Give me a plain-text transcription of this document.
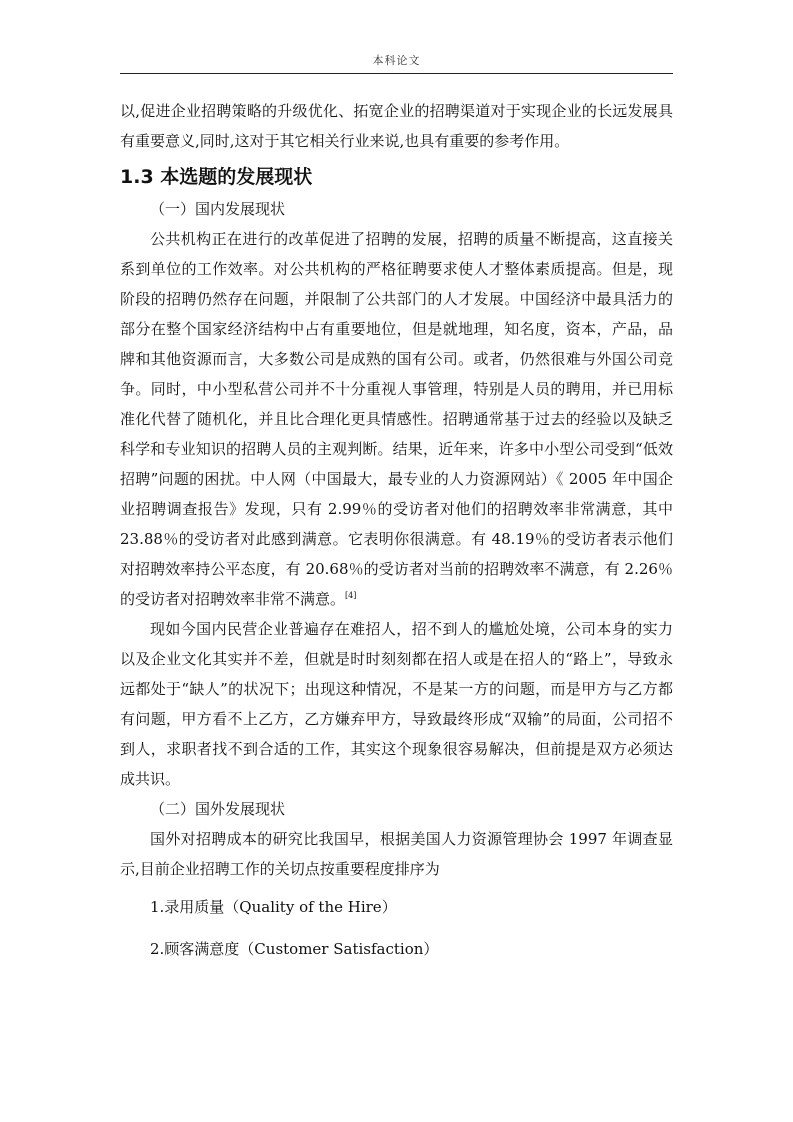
本科论文

以,促进企业招聘策略的升级优化、拓宽企业的招聘渠道对于实现企业的长远发展具有重要意义,同时,这对于其它相关行业来说,也具有重要的参考作用。

1.3 本选题的发展现状

（一）国内发展现状

公共机构正在进行的改革促进了招聘的发展，招聘的质量不断提高，这直接关系到单位的工作效率。对公共机构的严格征聘要求使人才整体素质提高。但是，现阶段的招聘仍然存在问题，并限制了公共部门的人才发展。中国经济中最具活力的部分在整个国家经济结构中占有重要地位，但是就地理，知名度，资本，产品，品牌和其他资源而言，大多数公司是成熟的国有公司。或者，仍然很难与外国公司竞争。同时，中小型私营公司并不十分重视人事管理，特别是人员的聘用，并已用标准化代替了随机化，并且比合理化更具情感性。招聘通常基于过去的经验以及缺乏科学和专业知识的招聘人员的主观判断。结果，近年来，许多中小型公司受到“低效招聘”问题的困扰。中人网（中国最大，最专业的人力资源网站）《 2005 年中国企业招聘调查报告》发现，只有 2.99％的受访者对他们的招聘效率非常满意，其中 23.88％的受访者对此感到满意。它表明你很满意。有 48.19％的受访者表示他们对招聘效率持公平态度，有 20.68％的受访者对当前的招聘效率不满意，有 2.26％的受访者对招聘效率非常不满意。[4]

现如今国内民营企业普遍存在难招人，招不到人的尴尬处境，公司本身的实力以及企业文化其实并不差，但就是时时刻刻都在招人或是在招人的“路上”，导致永远都处于“缺人”的状况下；出现这种情况，不是某一方的问题，而是甲方与乙方都有问题，甲方看不上乙方，乙方嫌弃甲方，导致最终形成“双输”的局面，公司招不到人，求职者找不到合适的工作，其实这个现象很容易解决，但前提是双方必须达成共识。

（二）国外发展现状

国外对招聘成本的研究比我国早，根据美国人力资源管理协会 1997 年调查显示,目前企业招聘工作的关切点按重要程度排序为

1.录用质量（Quality of the Hire）

2.顾客满意度（Customer Satisfaction）
